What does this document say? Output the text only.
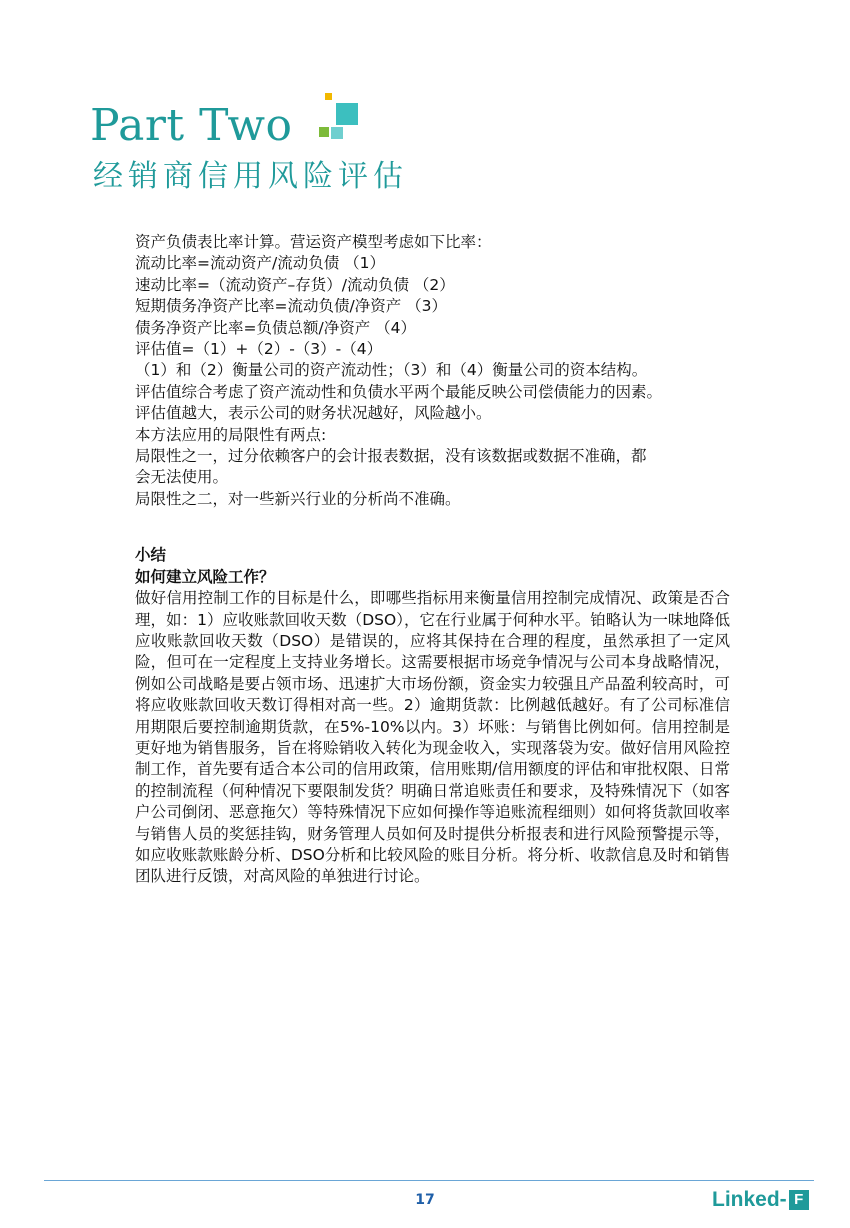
Part Two
经销商信用风险评估
资产负债表比率计算。营运资产模型考虑如下比率：
流动比率=流动资产/流动负债 （1）
速动比率=（流动资产–存货）/流动负债 （2）
短期债务净资产比率=流动负债/净资产 （3）
债务净资产比率=负债总额/净资产 （4）
评估值=（1）+（2）-（3）-（4）
（1）和（2）衡量公司的资产流动性；（3）和（4）衡量公司的资本结构。
评估值综合考虑了资产流动性和负债水平两个最能反映公司偿债能力的因素。
评估值越大，表示公司的财务状况越好，风险越小。
本方法应用的局限性有两点:
局限性之一，过分依赖客户的会计报表数据，没有该数据或数据不准确，都
会无法使用。
局限性之二，对一些新兴行业的分析尚不准确。
小结
如何建立风险工作？
做好信用控制工作的目标是什么，即哪些指标用来衡量信用控制完成情况、政策是否合理，如：1）应收账款回收天数（DSO），它在行业属于何种水平。铂略认为一味地降低应收账款回收天数（DSO）是错误的，应将其保持在合理的程度，虽然承担了一定风险，但可在一定程度上支持业务增长。这需要根据市场竞争情况与公司本身战略情况，例如公司战略是要占领市场、迅速扩大市场份额，资金实力较强且产品盈利较高时，可将应收账款回收天数订得相对高一些。2）逾期货款：比例越低越好。有了公司标准信用期限后要控制逾期货款，在5%-10%以内。3）坏账：与销售比例如何。信用控制是更好地为销售服务，旨在将赊销收入转化为现金收入，实现落袋为安。做好信用风险控制工作，首先要有适合本公司的信用政策，信用账期/信用额度的评估和审批权限、日常的控制流程（何种情况下要限制发货？明确日常追账责任和要求，及特殊情况下（如客户公司倒闭、恶意拖欠）等特殊情况下应如何操作等追账流程细则）如何将货款回收率与销售人员的奖惩挂钩，财务管理人员如何及时提供分析报表和进行风险预警提示等，如应收账款账龄分析、DSO分析和比较风险的账目分析。将分析、收款信息及时和销售团队进行反馈，对高风险的单独进行讨论。
17	Linked- F
